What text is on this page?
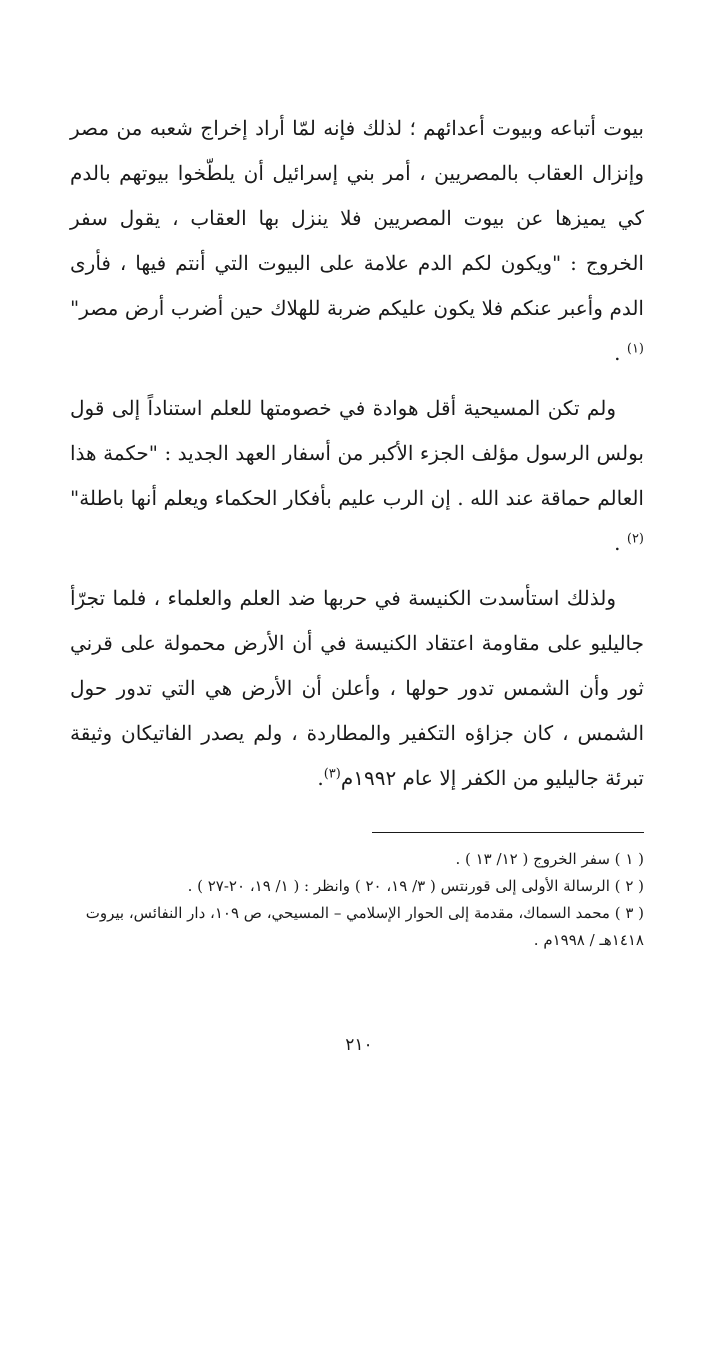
بيوت أتباعه وبيوت أعدائهم ؛ لذلك فإنه لمّا أراد إخراج شعبه من مصر وإنزال العقاب بالمصريين ، أمر بني إسرائيل أن يلطّخوا بيوتهم بالدم كي يميزها عن بيوت المصريين فلا ينزل بها العقاب ، يقول سفر الخروج : "ويكون لكم الدم علامة على البيوت التي أنتم فيها ، فأرى الدم وأعبر عنكم فلا يكون عليكم ضربة للهلاك حين أضرب أرض مصر"$^{(١)}$ .

ولم تكن المسيحية أقل هوادة في خصومتها للعلم استناداً إلى قول بولس الرسول مؤلف الجزء الأكبر من أسفار العهد الجديد : "حكمة هذا العالم حماقة عند الله . إن الرب عليم بأفكار الحكماء ويعلم أنها باطلة"$^{(٢)}$ .

ولذلك استأسدت الكنيسة في حربها ضد العلم والعلماء ، فلما تجرّأ جاليليو على مقاومة اعتقاد الكنيسة في أن الأرض محمولة على قرني ثور وأن الشمس تدور حولها ، وأعلن أن الأرض هي التي تدور حول الشمس ، كان جزاؤه التكفير والمطاردة ، ولم يصدر الفاتيكان وثيقة تبرئة جاليليو من الكفر إلا عام ١٩٩٢م$^{(٣)}$.

( ١ ) سفر الخروج ( ١٢/ ١٣ ) .

( ٢ ) الرسالة الأولى إلى قورنتس ( ٣/ ١٩، ٢٠ ) وانظر : ( ١/ ١٩، ٢٠-٢٧ ) .

( ٣ ) محمد السماك، مقدمة إلى الحوار الإسلامي – المسيحي، ص ١٠٩، دار النفائس، بيروت ١٤١٨هـ / ١٩٩٨م .

٢١٠
